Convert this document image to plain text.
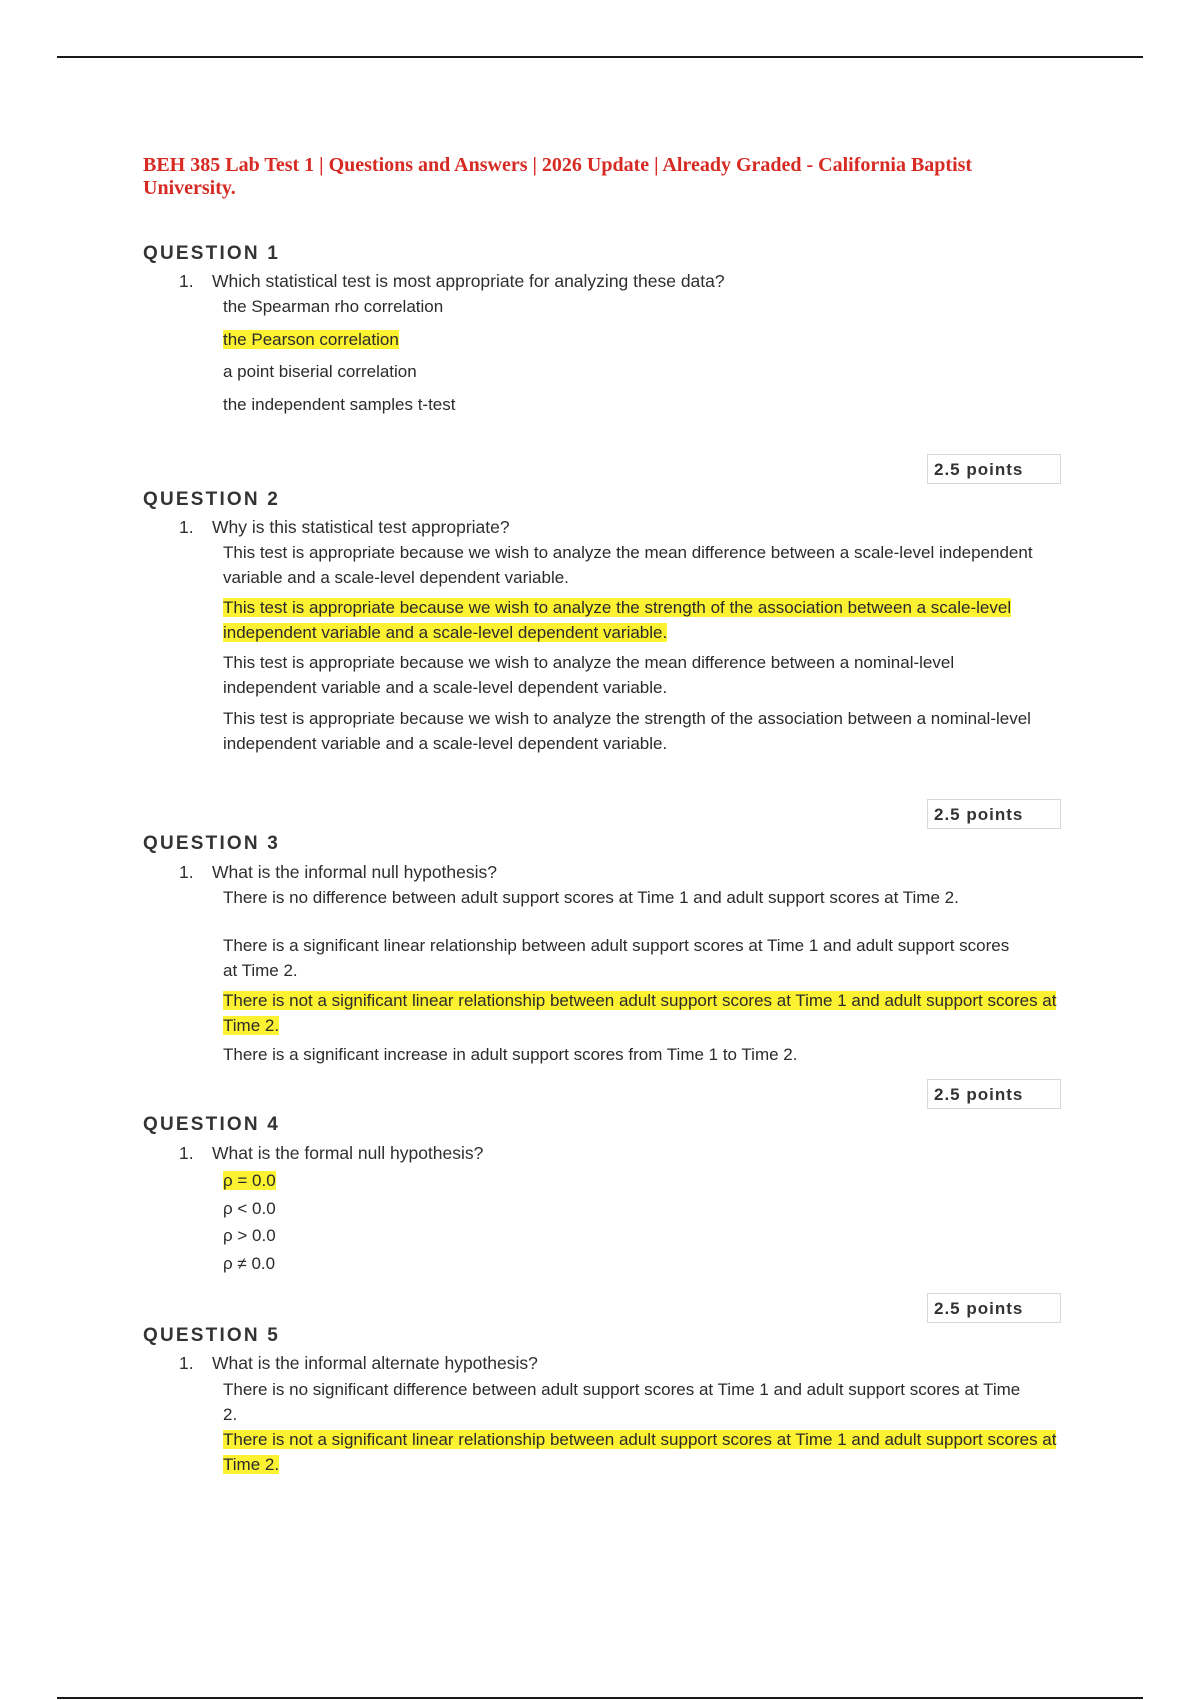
BEH 385 Lab Test 1 | Questions and Answers | 2026 Update | Already Graded - California Baptist University.
QUESTION 1
1. Which statistical test is most appropriate for analyzing these data?
the Spearman rho correlation
the Pearson correlation
a point biserial correlation
the independent samples t-test
2.5 points
QUESTION 2
1. Why is this statistical test appropriate?
This test is appropriate because we wish to analyze the mean difference between a scale-level independent variable and a scale-level dependent variable.
This test is appropriate because we wish to analyze the strength of the association between a scale-level independent variable and a scale-level dependent variable.
This test is appropriate because we wish to analyze the mean difference between a nominal-level independent variable and a scale-level dependent variable.
This test is appropriate because we wish to analyze the strength of the association between a nominal-level independent variable and a scale-level dependent variable.
2.5 points
QUESTION 3
1. What is the informal null hypothesis?
There is no difference between adult support scores at Time 1 and adult support scores at Time 2.
There is a significant linear relationship between adult support scores at Time 1 and adult support scores at Time 2.
There is not a significant linear relationship between adult support scores at Time 1 and adult support scores at Time 2.
There is a significant increase in adult support scores from Time 1 to Time 2.
2.5 points
QUESTION 4
1. What is the formal null hypothesis?
ρ = 0.0
ρ < 0.0
ρ > 0.0
ρ ≠ 0.0
2.5 points
QUESTION 5
1. What is the informal alternate hypothesis?
There is no significant difference between adult support scores at Time 1 and adult support scores at Time 2.
There is not a significant linear relationship between adult support scores at Time 1 and adult support scores at Time 2.
